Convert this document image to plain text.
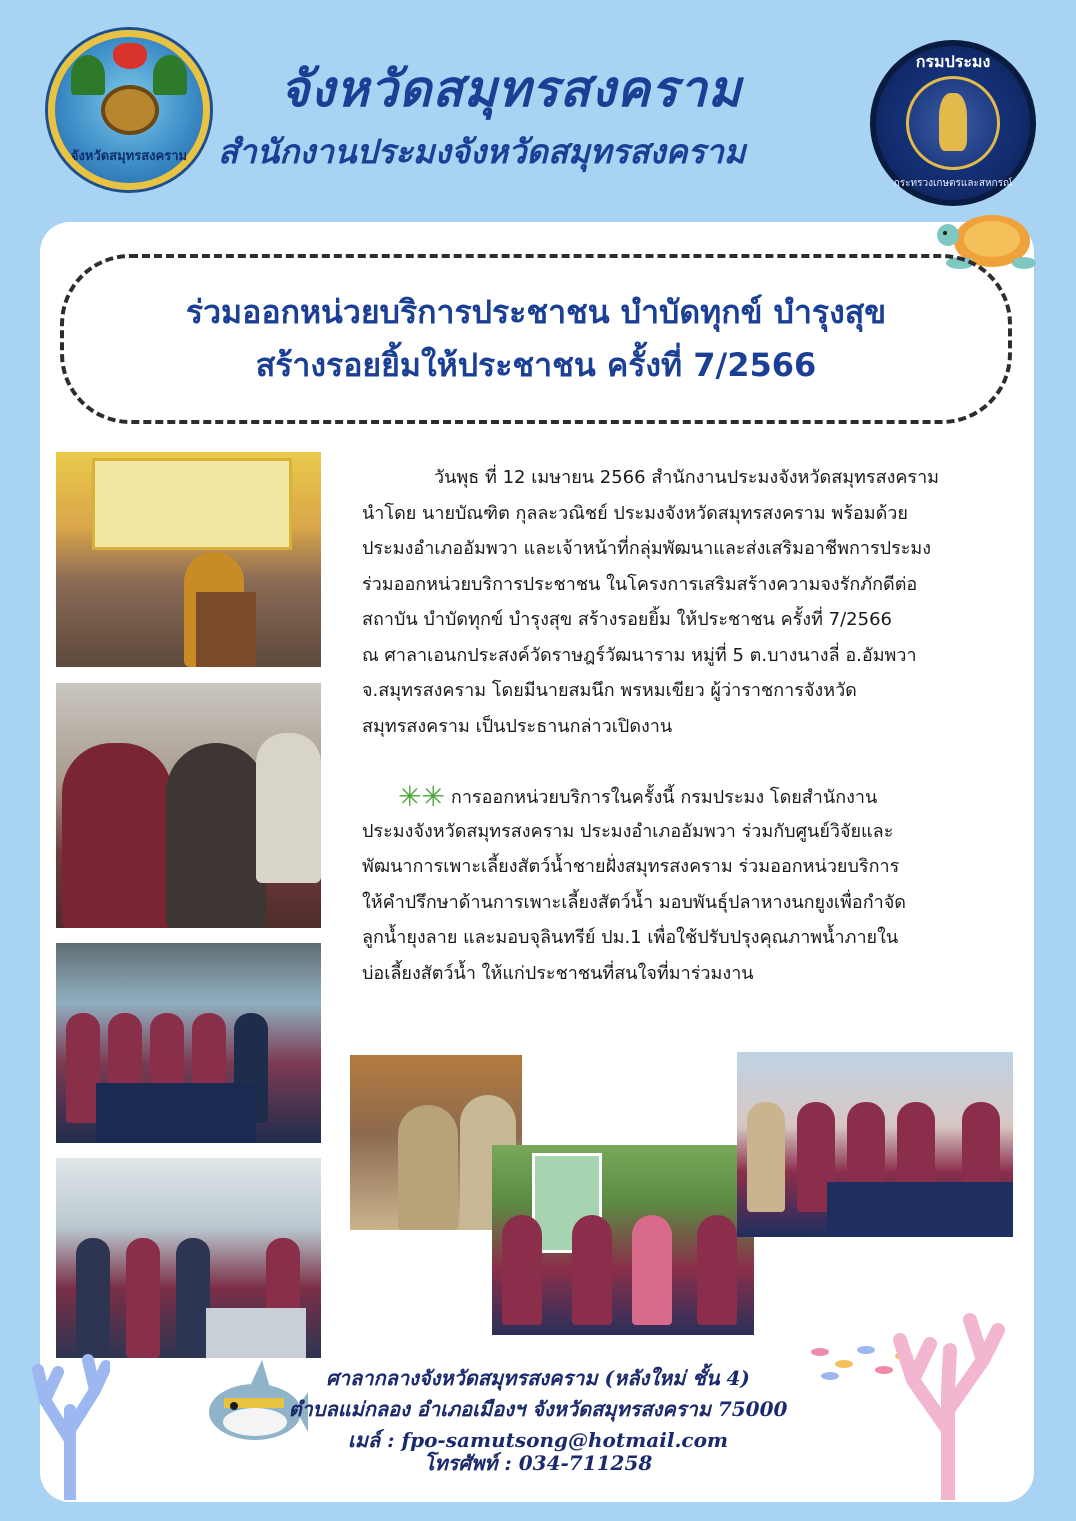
จังหวัดสมุทรสงคราม
จังหวัดสมุทรสงคราม
สำนักงานประมงจังหวัดสมุทรสงคราม
กรมประมง
กระทรวงเกษตรและสหกรณ์
ร่วมออกหน่วยบริการประชาชน บำบัดทุกข์ บำรุงสุข
สร้างรอยยิ้มให้ประชาชน ครั้งที่ 7/2566
วันพุธ ที่ 12 เมษายน 2566 สำนักงานประมงจังหวัดสมุทรสงคราม
นำโดย นายบัณฑิต กุลละวณิชย์ ประมงจังหวัดสมุทรสงคราม พร้อมด้วย
ประมงอำเภออัมพวา และเจ้าหน้าที่กลุ่มพัฒนาและส่งเสริมอาชีพการประมง
ร่วมออกหน่วยบริการประชาชน ในโครงการเสริมสร้างความจงรักภักดีต่อ
สถาบัน บำบัดทุกข์ บำรุงสุข สร้างรอยยิ้ม ให้ประชาชน ครั้งที่ 7/2566
ณ ศาลาเอนกประสงค์วัดราษฎร์วัฒนาราม หมู่ที่ 5 ต.บางนางลี่ อ.อัมพวา
จ.สมุทรสงคราม โดยมีนายสมนึก พรหมเขียว ผู้ว่าราชการจังหวัด
สมุทรสงคราม เป็นประธานกล่าวเปิดงาน
✳✳ การออกหน่วยบริการในครั้งนี้ กรมประมง โดยสำนักงาน
ประมงจังหวัดสมุทรสงคราม ประมงอำเภออัมพวา ร่วมกับศูนย์วิจัยและ
พัฒนาการเพาะเลี้ยงสัตว์น้ำชายฝั่งสมุทรสงคราม ร่วมออกหน่วยบริการ
ให้คำปรึกษาด้านการเพาะเลี้ยงสัตว์น้ำ มอบพันธุ์ปลาหางนกยูงเพื่อกำจัด
ลูกน้ำยุงลาย และมอบจุลินทรีย์ ปม.1 เพื่อใช้ปรับปรุงคุณภาพน้ำภายใน
บ่อเลี้ยงสัตว์น้ำ ให้แก่ประชาชนที่สนใจที่มาร่วมงาน
ศาลากลางจังหวัดสมุทรสงคราม (หลังใหม่ ชั้น 4)
ตำบลแม่กลอง อำเภอเมืองฯ จังหวัดสมุทรสงคราม 75000
เมล์ : fpo-samutsong@hotmail.com
โทรศัพท์ : 034-711258
